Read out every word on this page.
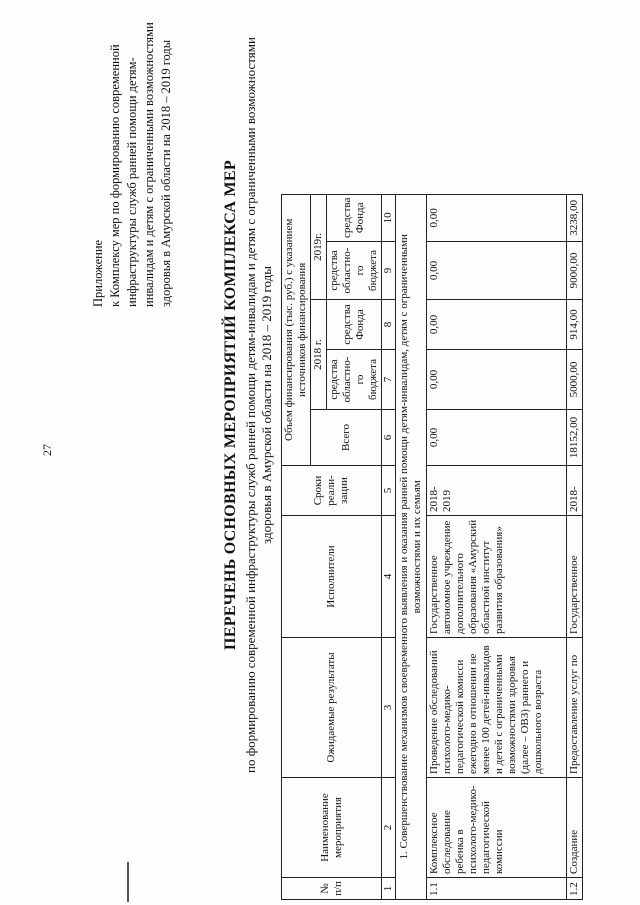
27
Приложение к Комплексу мер по формированию современной инфраструктуры служб ранней помощи детям-инвалидам и детям с ограниченными возможностями здоровья в Амурской области на 2018 – 2019 годы	ПЕРЕЧЕНЬ ОСНОВНЫХ МЕРОПРИЯТИЙ КОМПЛЕКСА МЕР по формированию современной инфраструктуры служб ранней помощи детям-инвалидам и детям с ограниченными возможностями здоровья в Амурской области на 2018 – 2019 годы
№ п/п	Наименование мероприятия	Ожидаемые результаты	Исполнители	Сроки реали-зации	Объем финансирования (тыс. руб.) с указанием источников финансирования				
					Всего	2018 г.		2019г.	
						средства областно-го бюджета	средства Фонда	средства областно-го бюджета	средства Фонда
1	2	3	4	5	6	7	8	9	10
1. Совершенствование механизмов своевременного выявления и оказания ранней помощи детям-инвалидам, детям с ограниченными возможностями и их семьям									
1.1	Комплексное обследование ребенка в психолого-медико-педагогической комиссии	Проведение обследований психолого-медико-педагогической комисси ежегодно в отношении не менее 100 детей-инвалидов и детей с ограниченными возможностями здоровья (далее – ОВЗ) раннего и дошкольного возраста	Государственное автономное учреждение дополнительного образования «Амурский областной институт развития образования»	2018-2019	0,00	0,00	0,00	0,00	0,00
1.2	Создание	Предоставление услуг по	Государственное	2018-	18152,00	5000,00	914,00	9000,00	3238,00
